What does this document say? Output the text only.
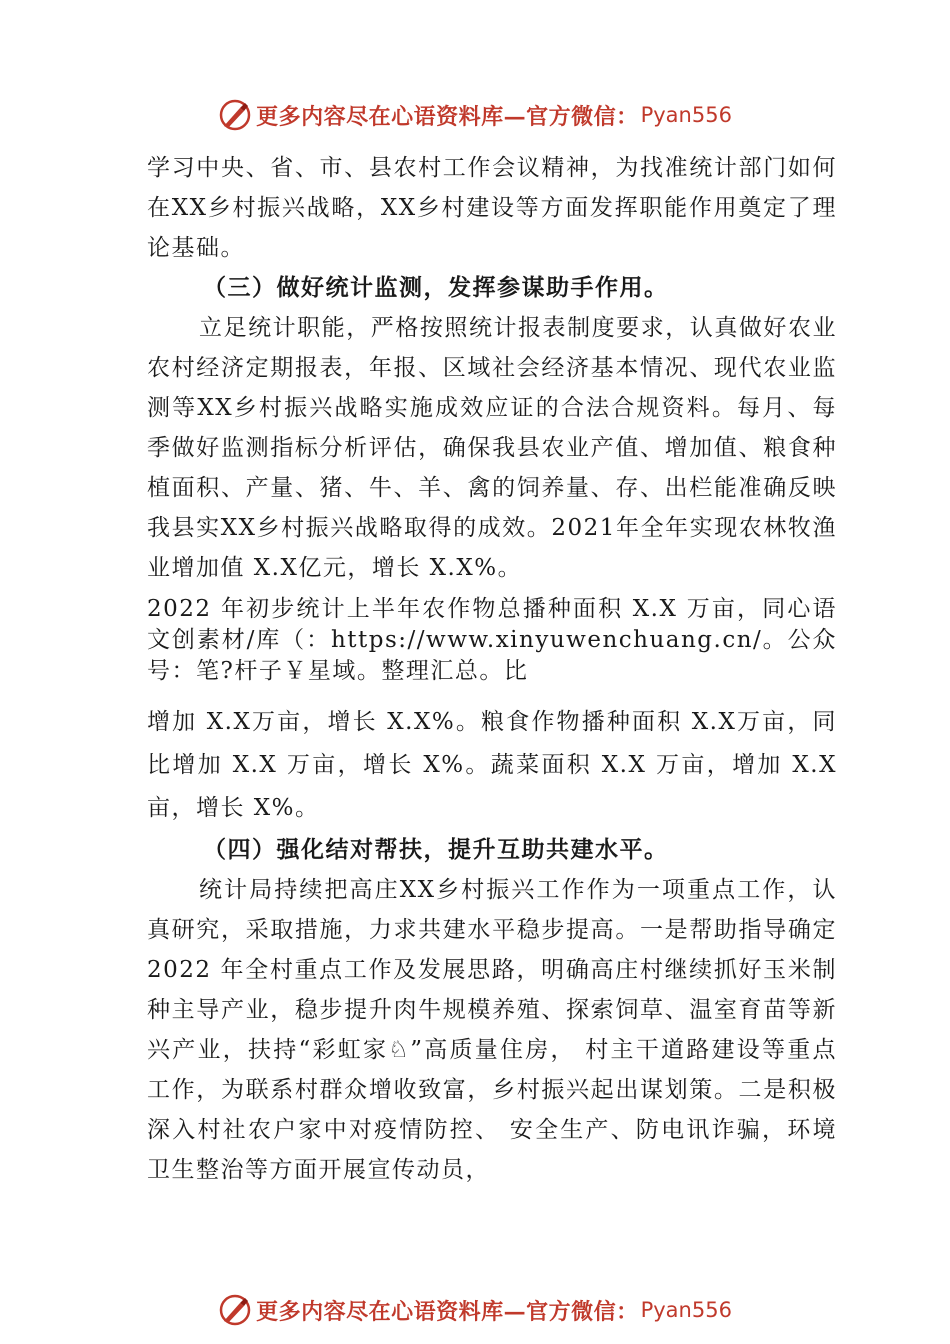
更多内容尽在心语资料库—官方微信： Pyan556

学习中央、省、市、县农村工作会议精神，为找准统计部门如何在XX乡村振兴战略，XX乡村建设等方面发挥职能作用奠定了理论基础。

（三）做好统计监测，发挥参谋助手作用。

立足统计职能，严格按照统计报表制度要求，认真做好农业农村经济定期报表，年报、区域社会经济基本情况、现代农业监测等XX乡村振兴战略实施成效应证的合法合规资料。每月、每季做好监测指标分析评估，确保我县农业产值、增加值、粮食种植面积、产量、猪、牛、羊、禽的饲养量、存、出栏能准确反映我县实XX乡村振兴战略取得的成效。2021年全年实现农林牧渔业增加值 X.X亿元，增长 X.X%。

2022 年初步统计上半年农作物总播种面积 X.X 万亩，同心语文创素材/库（：https://www.xinyuwenchuang.cn/。公众号：笔?杆子￥星域。整理汇总。比

增加 X.X万亩，增长 X.X%。粮食作物播种面积 X.X万亩，同比增加 X.X 万亩，增长 X%。蔬菜面积 X.X 万亩，增加 X.X 亩，增长 X%。

（四）强化结对帮扶，提升互助共建水平。

统计局持续把高庄XX乡村振兴工作作为一项重点工作，认真研究，采取措施，力求共建水平稳步提高。一是帮助指导确定 2022 年全村重点工作及发展思路，明确高庄村继续抓好玉米制种主导产业，稳步提升肉牛规模养殖、探索饲草、温室育苗等新兴产业，扶持“彩虹家♘”高质量住房， 村主干道路建设等重点工作，为联系村群众增收致富，乡村振兴起出谋划策。二是积极深入村社农户家中对疫情防控、 安全生产、防电讯诈骗，环境卫生整治等方面开展宣传动员，

更多内容尽在心语资料库—官方微信： Pyan556
